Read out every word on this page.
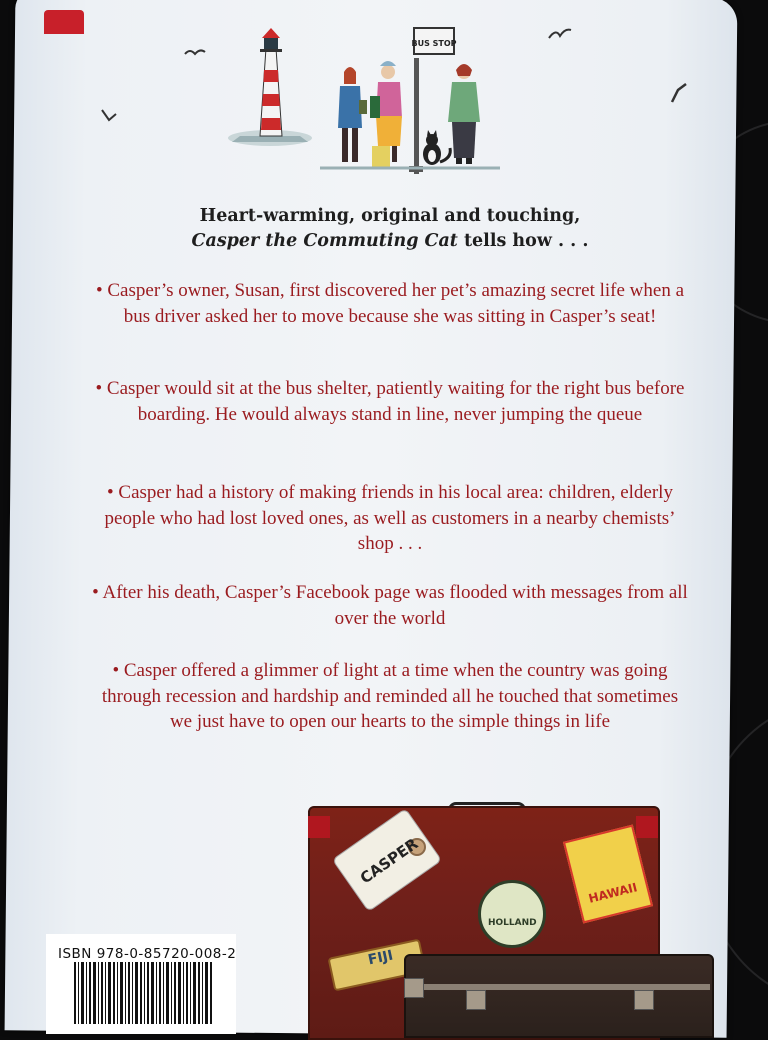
BUS STOP
Heart-warming, original and touching,
Casper the Commuting Cat tells how . . .
• Casper’s owner, Susan, first discovered her pet’s amazing secret life when a bus driver asked her to move because she was sitting in Casper’s seat!
• Casper would sit at the bus shelter, patiently waiting for the right bus before boarding. He would always stand in line, never jumping the queue
• Casper had a history of making friends in his local area: children, elderly people who had lost loved ones, as well as customers in a nearby chemists’ shop . . .
• After his death, Casper’s Facebook page was flooded with messages from all over the world
• Casper offered a glimmer of light at a time when the country was going through recession and hardship and reminded all he touched that sometimes we just have to open our hearts to the simple things in life
ISBN 978-0-85720-008-2
CASPER
HAWAII
HOLLAND
FIJI
